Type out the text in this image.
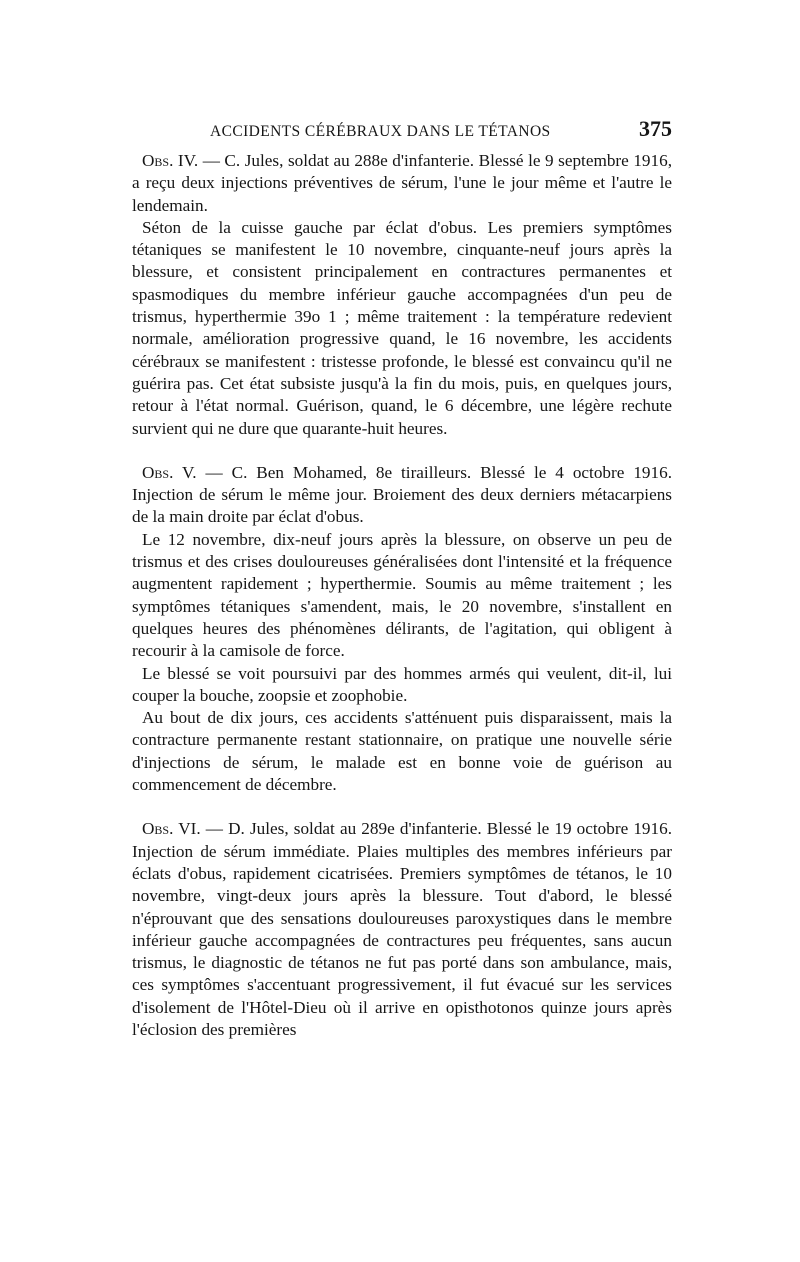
ACCIDENTS CÉRÉBRAUX DANS LE TÉTANOS	375

Obs. IV. — C. Jules, soldat au 288e d'infanterie. Blessé le 9 septembre 1916, a reçu deux injections préventives de sérum, l'une le jour même et l'autre le lendemain.

Séton de la cuisse gauche par éclat d'obus. Les premiers symptômes tétaniques se manifestent le 10 novembre, cinquante-neuf jours après la blessure, et consistent principalement en contractures permanentes et spasmodiques du membre inférieur gauche accompagnées d'un peu de trismus, hyperthermie 39o 1 ; même traitement : la température redevient normale, amélioration progressive quand, le 16 novembre, les accidents cérébraux se manifestent : tristesse profonde, le blessé est convaincu qu'il ne guérira pas. Cet état subsiste jusqu'à la fin du mois, puis, en quelques jours, retour à l'état normal. Guérison, quand, le 6 décembre, une légère rechute survient qui ne dure que quarante-huit heures.

Obs. V. — C. Ben Mohamed, 8e tirailleurs. Blessé le 4 octobre 1916. Injection de sérum le même jour. Broiement des deux derniers métacarpiens de la main droite par éclat d'obus.

Le 12 novembre, dix-neuf jours après la blessure, on observe un peu de trismus et des crises douloureuses généralisées dont l'intensité et la fréquence augmentent rapidement ; hyperthermie. Soumis au même traitement ; les symptômes tétaniques s'amendent, mais, le 20 novembre, s'installent en quelques heures des phénomènes délirants, de l'agitation, qui obligent à recourir à la camisole de force.

Le blessé se voit poursuivi par des hommes armés qui veulent, dit-il, lui couper la bouche, zoopsie et zoophobie.

Au bout de dix jours, ces accidents s'atténuent puis disparaissent, mais la contracture permanente restant stationnaire, on pratique une nouvelle série d'injections de sérum, le malade est en bonne voie de guérison au commencement de décembre.

Obs. VI. — D. Jules, soldat au 289e d'infanterie. Blessé le 19 octobre 1916. Injection de sérum immédiate. Plaies multiples des membres inférieurs par éclats d'obus, rapidement cicatrisées. Premiers symptômes de tétanos, le 10 novembre, vingt-deux jours après la blessure. Tout d'abord, le blessé n'éprouvant que des sensations douloureuses paroxystiques dans le membre inférieur gauche accompagnées de contractures peu fréquentes, sans aucun trismus, le diagnostic de tétanos ne fut pas porté dans son ambulance, mais, ces symptômes s'accentuant progressivement, il fut évacué sur les services d'isolement de l'Hôtel-Dieu où il arrive en opisthotonos quinze jours après l'éclosion des premières
